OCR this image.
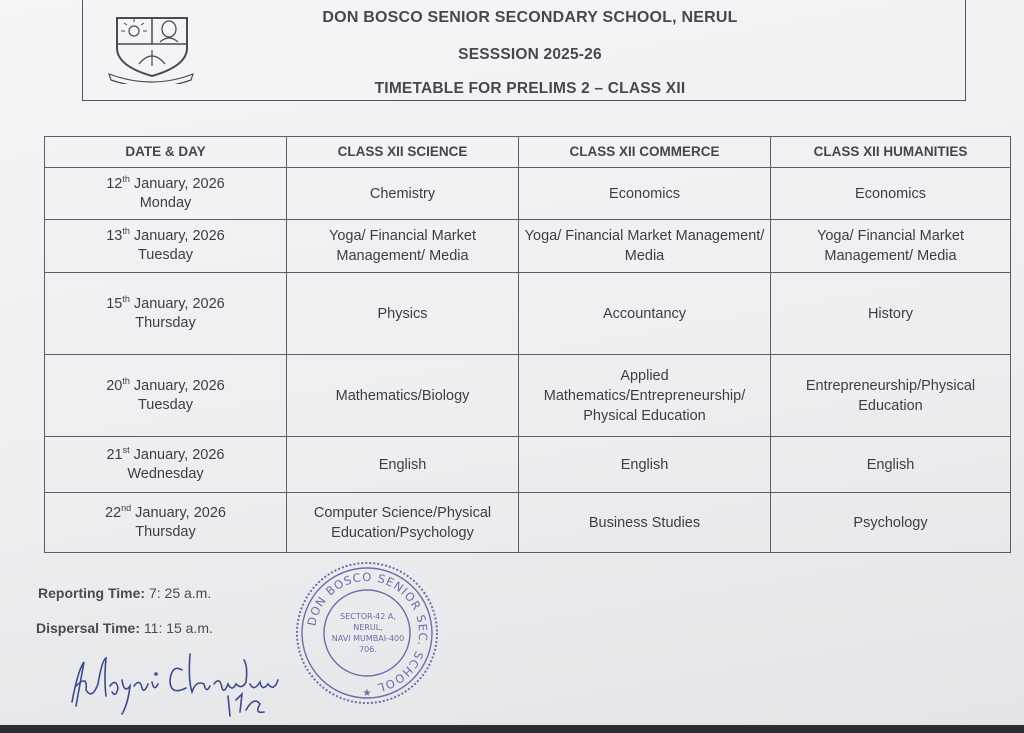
DON BOSCO SENIOR SECONDARY SCHOOL, NERUL
SESSSION 2025-26
TIMETABLE FOR PRELIMS 2 – CLASS XII
DATE & DAY	CLASS XII SCIENCE	CLASS XII COMMERCE	CLASS XII HUMANITIES
12th January, 2026
Monday	Chemistry	Economics	Economics
13th January, 2026
Tuesday	Yoga/ Financial Market Management/ Media	Yoga/ Financial Market Management/ Media	Yoga/ Financial Market Management/ Media
15th January, 2026
Thursday	Physics	Accountancy	History
20th January, 2026
Tuesday	Mathematics/Biology	Applied Mathematics/Entrepreneurship/ Physical Education	Entrepreneurship/Physical Education
21st January, 2026
Wednesday	English	English	English
22nd January, 2026
Thursday	Computer Science/Physical Education/Psychology	Business Studies	Psychology
Reporting Time: 7: 25 a.m.
Dispersal Time: 11: 15 a.m.	DON BOSCO SENIOR SEC. SCHOOL
★
SECTOR-42 A,
NERUL,
NAVI MUMBAI-400 706.
